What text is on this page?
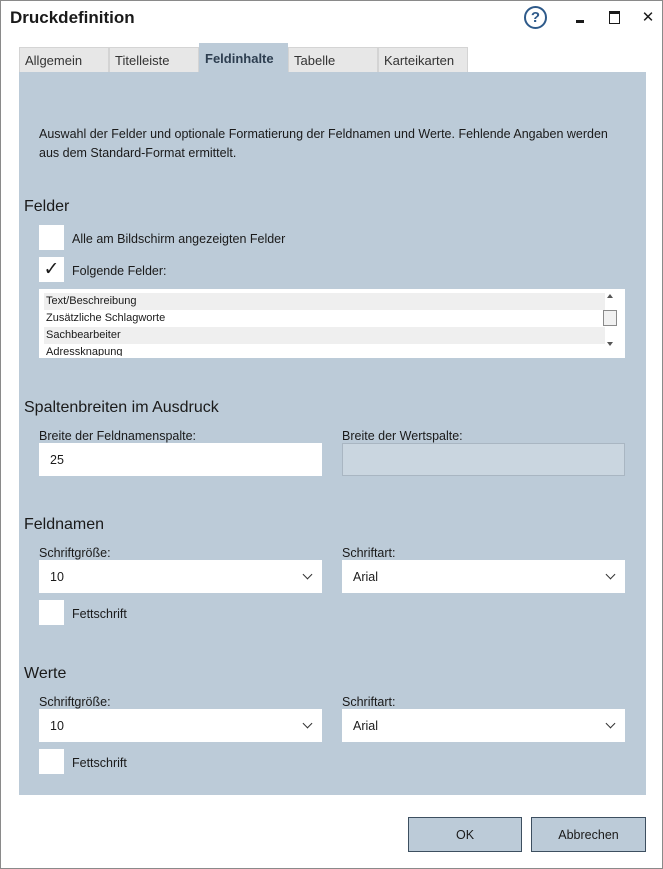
Druckdefinition	?	✕
Allgemein	Titelleiste	Feldinhalte	Tabelle	Karteikarten
Auswahl der Felder und optionale Formatierung der Feldnamen und Werte. Fehlende Angaben werden aus dem Standard-Format ermittelt.
Felder
Alle am Bildschirm angezeigten Felder
✓ Folgende Felder:
Text/Beschreibung
Zusätzliche Schlagworte
Sachbearbeiter
Adressknapung
Spaltenbreiten im Ausdruck
Breite der Feldnamenspalte:
25
Breite der Wertspalte:
Feldnamen
Schriftgröße:
10
Schriftart:
Arial
Fettschrift
Werte
Schriftgröße:
10
Schriftart:
Arial
Fettschrift
OK	Abbrechen
